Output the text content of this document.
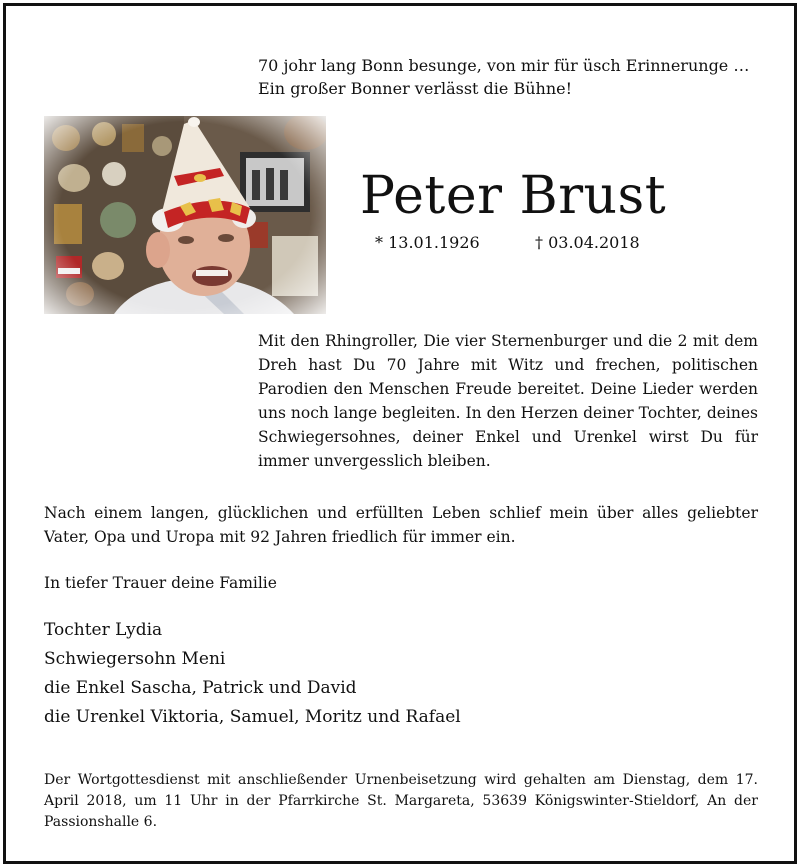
70 johr lang Bonn besunge, von mir für üsch Erinnerunge …
Ein großer Bonner verlässt die Bühne!
Peter Brust
* 13.01.1926	† 03.04.2018
Mit den Rhingroller, Die vier Sternenburger und die 2 mit dem Dreh hast Du 70 Jahre mit Witz und frechen, politischen Parodien den Menschen Freude bereitet. Deine Lieder werden uns noch lange begleiten. In den Herzen deiner Tochter, deines Schwiegersohnes, deiner Enkel und Urenkel wirst Du für immer unvergesslich bleiben.
Nach einem langen, glücklichen und erfüllten Leben schlief mein über alles geliebter Vater, Opa und Uropa mit 92 Jahren friedlich für immer ein.
In tiefer Trauer deine Familie
Tochter Lydia
Schwiegersohn Meni
die Enkel Sascha, Patrick und David
die Urenkel Viktoria, Samuel, Moritz und Rafael
Der Wortgottesdienst mit anschließender Urnenbeisetzung wird gehalten am Dienstag, dem 17. April 2018, um 11 Uhr in der Pfarrkirche St. Margareta, 53639 Königswinter-Stieldorf, An der Passionshalle 6.
